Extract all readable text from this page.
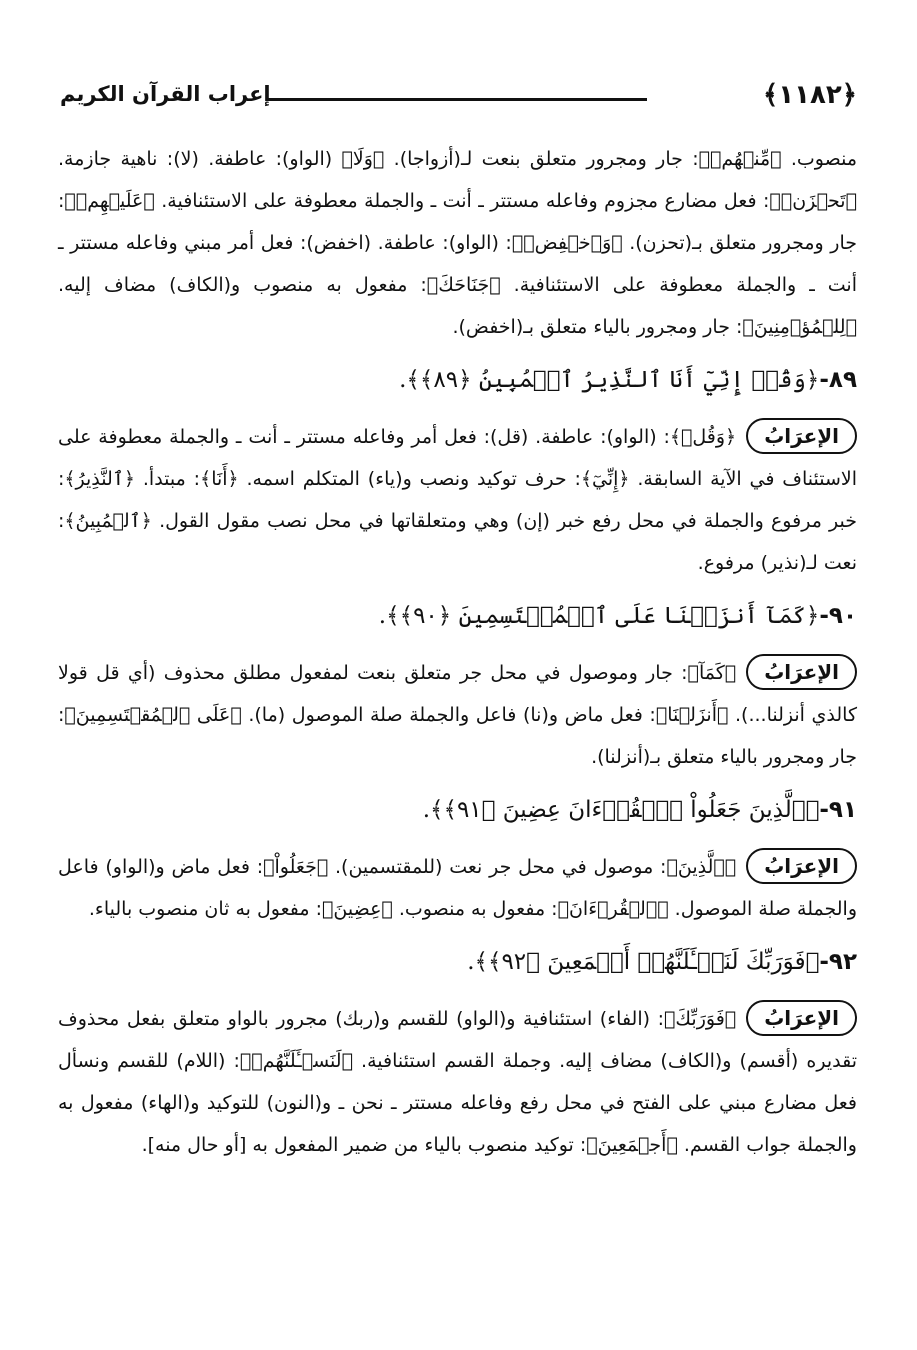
﴿١١٨٢﴾
إعراب القرآن الكريم

منصوب. ﴿مِّنۡهُمۡ﴾: جار ومجرور متعلق بنعت لـ(أزواجا). ﴿وَلَا﴾ (الواو): عاطفة. (لا): ناهية جازمة. ﴿تَحۡزَنۡ﴾: فعل مضارع مجزوم وفاعله مستتر ـ أنت ـ والجملة معطوفة على الاستئنافية. ﴿عَلَيۡهِمۡ﴾: جار ومجرور متعلق بـ(تحزن). ﴿وَٱخۡفِضۡ﴾: (الواو): عاطفة. (اخفض): فعل أمر مبني وفاعله مستتر ـ أنت ـ والجملة معطوفة على الاستئنافية. ﴿جَنَاحَكَ﴾: مفعول به منصوب و(الكاف) مضاف إليه. ﴿لِلۡمُؤۡمِنِينَ﴾: جار ومجرور بالياء متعلق بـ(اخفض).

٨٩-﴿وَقُلۡ إِنِّيٓ أَنَا ٱلنَّذِيرُ ٱلۡمُبِينُ ﴿٨٩﴾﴾.

الإعرَابُ﴿وَقُلۡ﴾: (الواو): عاطفة. (قل): فعل أمر وفاعله مستتر ـ أنت ـ والجملة معطوفة على الاستئناف في الآية السابقة. ﴿إِنِّيٓ﴾: حرف توكيد ونصب و(ياء) المتكلم اسمه. ﴿أَنَا﴾: مبتدأ. ﴿ٱلنَّذِيرُ﴾: خبر مرفوع والجملة في محل رفع خبر (إن) وهي ومتعلقاتها في محل نصب مقول القول. ﴿ٱلۡمُبِينُ﴾: نعت لـ(نذير) مرفوع.

٩٠-﴿كَمَآ أَنزَلۡنَا عَلَى ٱلۡمُقۡتَسِمِينَ ﴿٩٠﴾﴾.

الإعرَابُ﴿كَمَآ﴾: جار وموصول في محل جر متعلق بنعت لمفعول مطلق محذوف (أي قل قولا كالذي أنزلنا...). ﴿أَنزَلۡنَا﴾: فعل ماض و(نا) فاعل والجملة صلة الموصول (ما). ﴿عَلَى ٱلۡمُقۡتَسِمِينَ﴾: جار ومجرور بالياء متعلق بـ(أنزلنا).

٩١-﴿ٱلَّذِينَ جَعَلُواْ ٱلۡقُرۡءَانَ عِضِينَ ﴿٩١﴾﴾.

الإعرَابُ﴿ٱلَّذِينَ﴾: موصول في محل جر نعت (للمقتسمين). ﴿جَعَلُواْ﴾: فعل ماض و(الواو) فاعل والجملة صلة الموصول. ﴿ٱلۡقُرۡءَانَ﴾: مفعول به منصوب. ﴿عِضِينَ﴾: مفعول به ثان منصوب بالياء.

٩٢-﴿فَوَرَبِّكَ لَنَسۡـَٔلَنَّهُمۡ أَجۡمَعِينَ ﴿٩٢﴾﴾.

الإعرَابُ﴿فَوَرَبِّكَ﴾: (الفاء) استئنافية و(الواو) للقسم و(ربك) مجرور بالواو متعلق بفعل محذوف تقديره (أقسم) و(الكاف) مضاف إليه. وجملة القسم استئنافية. ﴿لَنَسۡـَٔلَنَّهُمۡ﴾: (اللام) للقسم ونسأل فعل مضارع مبني على الفتح في محل رفع وفاعله مستتر ـ نحن ـ و(النون) للتوكيد و(الهاء) مفعول به والجملة جواب القسم. ﴿أَجۡمَعِينَ﴾: توكيد منصوب بالياء من ضمير المفعول به [أو حال منه].
